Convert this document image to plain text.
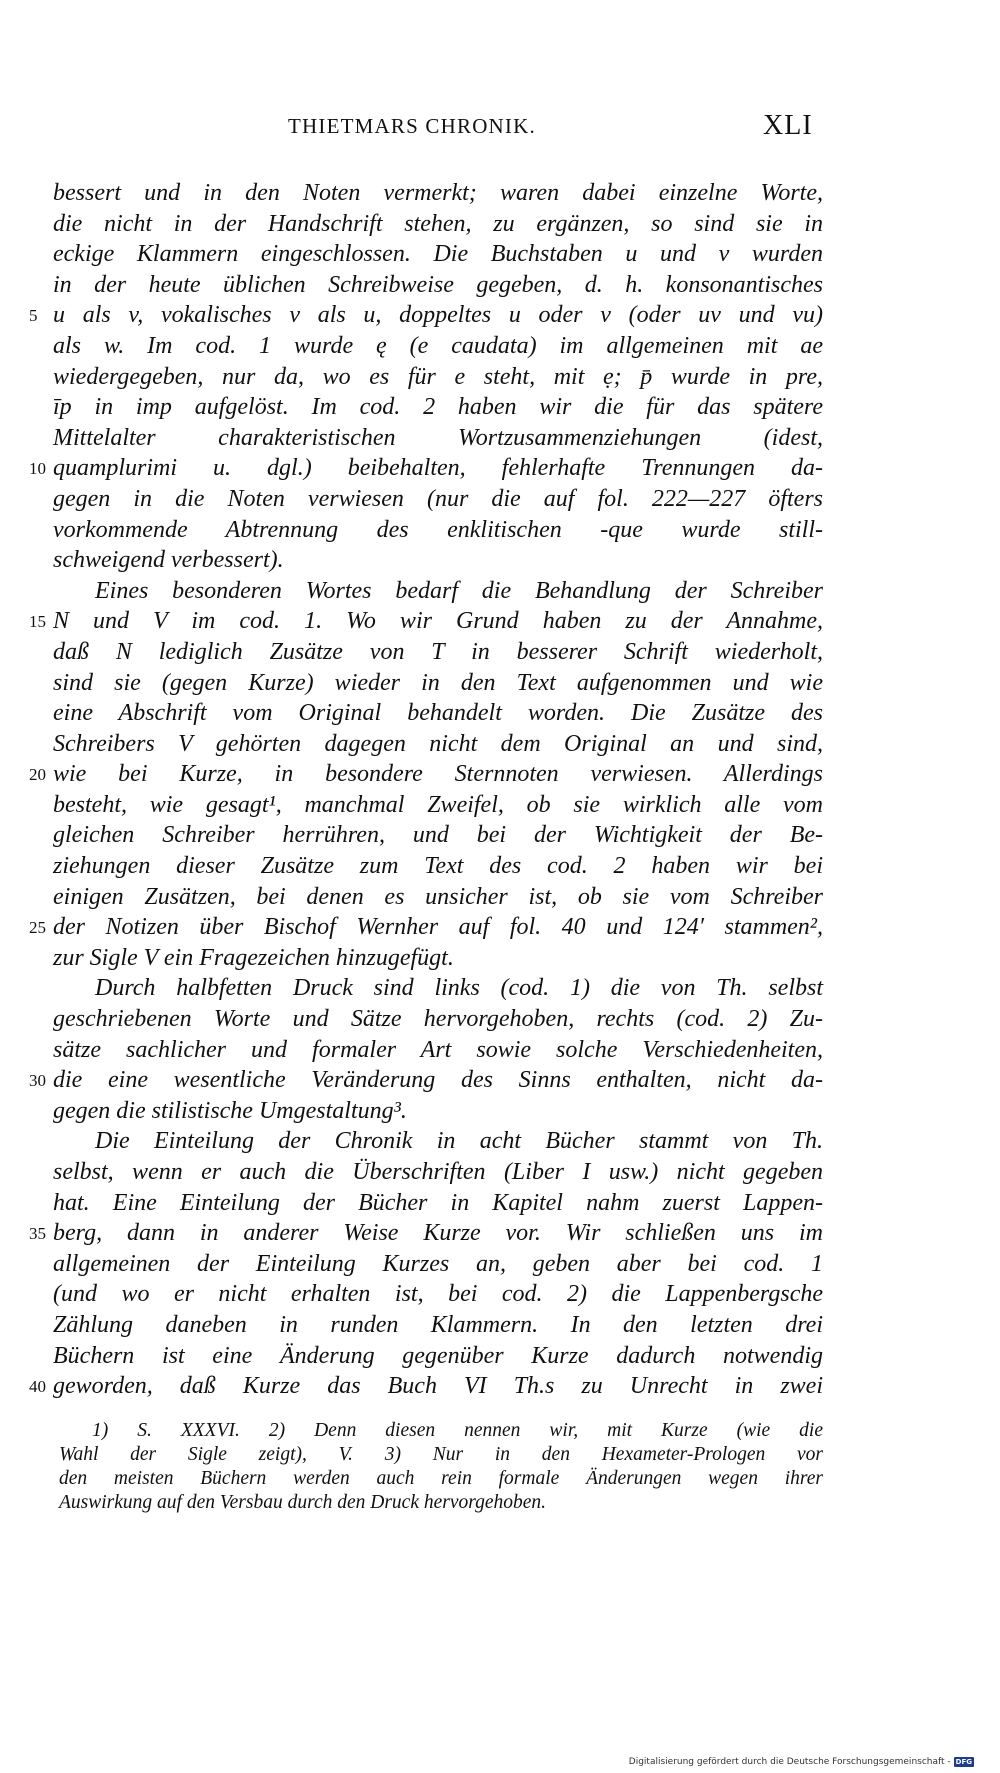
THIETMARS CHRONIK.	XLI
bessert und in den Noten vermerkt; waren dabei einzelne Worte,
die nicht in der Handschrift stehen, zu ergänzen, so sind sie in
eckige Klammern eingeschlossen. Die Buchstaben u und v wurden
in der heute üblichen Schreibweise gegeben, d. h. konsonantisches
5 u als v, vokalisches v als u, doppeltes u oder v (oder uv und vu)
als w. Im cod. 1 wurde ę (e caudata) im allgemeinen mit ae
wiedergegeben, nur da, wo es für e steht, mit ẹ; p̄ wurde in pre,
īp in imp aufgelöst. Im cod. 2 haben wir die für das spätere
Mittelalter charakteristischen Wortzusammenziehungen (idest,
10 quamplurimi u. dgl.) beibehalten, fehlerhafte Trennungen da-
gegen in die Noten verwiesen (nur die auf fol. 222—227 öfters
vorkommende Abtrennung des enklitischen -que wurde still-
schweigend verbessert).
Eines besonderen Wortes bedarf die Behandlung der Schreiber
15 N und V im cod. 1. Wo wir Grund haben zu der Annahme,
daß N lediglich Zusätze von T in besserer Schrift wiederholt,
sind sie (gegen Kurze) wieder in den Text aufgenommen und wie
eine Abschrift vom Original behandelt worden. Die Zusätze des
Schreibers V gehörten dagegen nicht dem Original an und sind,
20 wie bei Kurze, in besondere Sternnoten verwiesen. Allerdings
besteht, wie gesagt¹, manchmal Zweifel, ob sie wirklich alle vom
gleichen Schreiber herrühren, und bei der Wichtigkeit der Be-
ziehungen dieser Zusätze zum Text des cod. 2 haben wir bei
einigen Zusätzen, bei denen es unsicher ist, ob sie vom Schreiber
25 der Notizen über Bischof Wernher auf fol. 40 und 124′ stammen²,
zur Sigle V ein Fragezeichen hinzugefügt.
Durch halbfetten Druck sind links (cod. 1) die von Th. selbst
geschriebenen Worte und Sätze hervorgehoben, rechts (cod. 2) Zu-
sätze sachlicher und formaler Art sowie solche Verschiedenheiten,
30 die eine wesentliche Veränderung des Sinns enthalten, nicht da-
gegen die stilistische Umgestaltung³.
Die Einteilung der Chronik in acht Bücher stammt von Th.
selbst, wenn er auch die Überschriften (Liber I usw.) nicht gegeben
hat. Eine Einteilung der Bücher in Kapitel nahm zuerst Lappen-
35 berg, dann in anderer Weise Kurze vor. Wir schließen uns im
allgemeinen der Einteilung Kurzes an, geben aber bei cod. 1
(und wo er nicht erhalten ist, bei cod. 2) die Lappenbergsche
Zählung daneben in runden Klammern. In den letzten drei
Büchern ist eine Änderung gegenüber Kurze dadurch notwendig
40 geworden, daß Kurze das Buch VI Th.s zu Unrecht in zwei
1) S. XXXVI. 2) Denn diesen nennen wir, mit Kurze (wie die
Wahl der Sigle zeigt), V. 3) Nur in den Hexameter-Prologen vor
den meisten Büchern werden auch rein formale Änderungen wegen ihrer
Auswirkung auf den Versbau durch den Druck hervorgehoben.
Digitalisierung gefördert durch die Deutsche Forschungsgemeinschaft - DFG
